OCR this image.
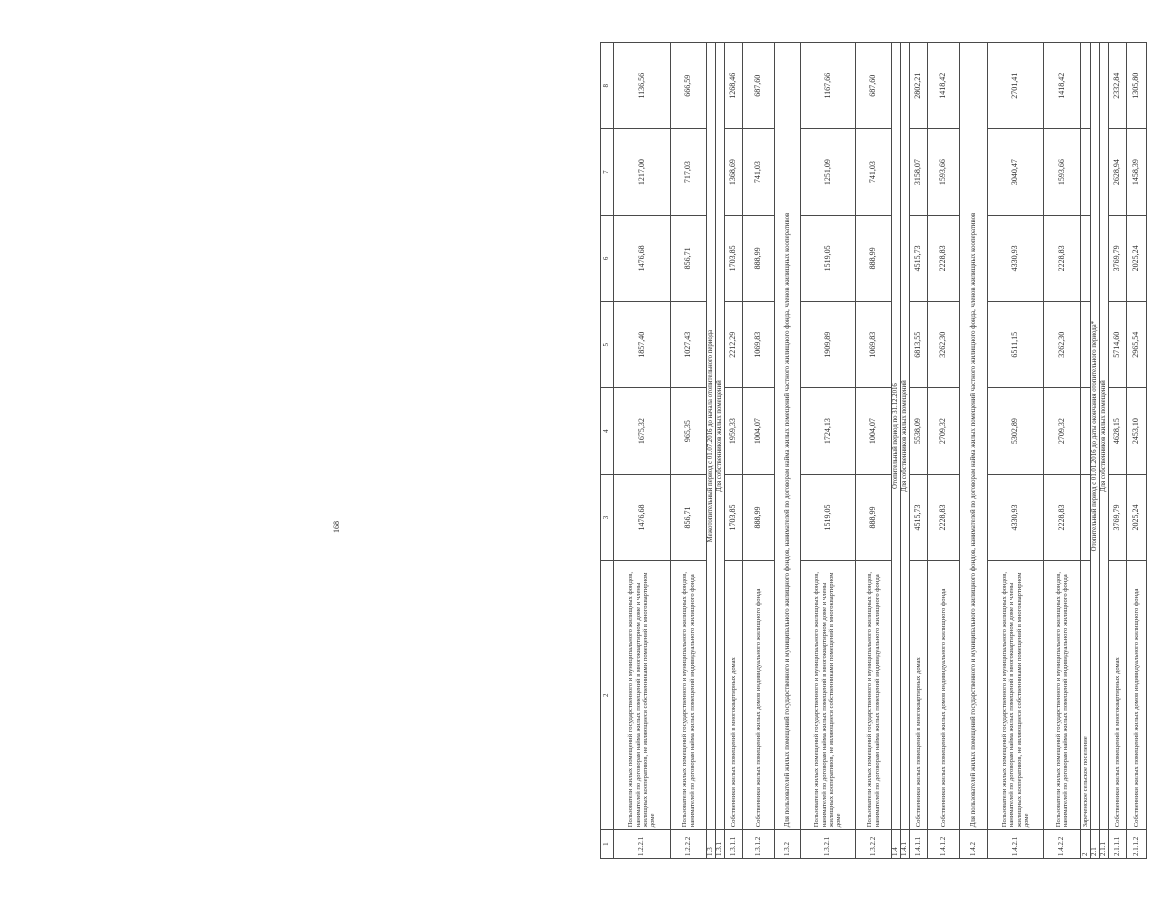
168
1	2	3	4	5	6	7	8
1.2.2.1	Пользователи жилых помещений государственного и муниципального жилищных фондов, нанимателей по договорам найма жилых помещений в многоквартирном доме и члены жилищных кооперативов, не являющиеся собственниками помещений в многоквартирном доме	1476,68	1675,32	1857,40	1476,68	1217,00	1136,56
1.2.2.2	Пользователи жилых помещений государственного и муниципального жилищных фондов, нанимателей по договорам найма жилых помещений индивидуального жилищного фонда	856,71	965,35	1027,43	856,71	717,03	666,59
1.3	Межотопительный период с 01.07.2016 до начала отопительного периода						
1.3.1	Для собственников жилых помещений						
1.3.1.1	Собственники жилых помещений в многоквартирных домах	1703,85	1959,33	2212,29	1703,85	1368,69	1268,46
1.3.1.2	Собственники жилых помещений жилых домов индивидуального жилищного фонда	888,99	1004,07	1069,83	888,99	741,03	687,60
1.3.2	Для пользователей жилых помещений государственного и муниципального жилищного фондов, нанимателей по договорам найма жилых помещений частного жилищного фонда, членов жилищных кооперативов						
1.3.2.1	Пользователи жилых помещений государственного и муниципального жилищных фондов, нанимателей по договорам найма жилых помещений в многоквартирном доме и члены жилищных кооперативов, не являющиеся собственниками помещений в многоквартирном доме	1519,05	1724,13	1909,89	1519,05	1251,09	1167,66
1.3.2.2	Пользователи жилых помещений государственного и муниципального жилищных фондов, нанимателей по договорам найма жилых помещений индивидуального жилищного фонда	888,99	1004,07	1069,83	888,99	741,03	687,60
1.4	Отопительный период по 31.12.2016						
1.4.1	Для собственников жилых помещений						
1.4.1.1	Собственники жилых помещений в многоквартирных домах	4515,73	5538,09	6813,55	4515,73	3158,07	2802,21
1.4.1.2	Собственники жилых помещений жилых домов индивидуального жилищного фонда	2228,83	2709,32	3262,30	2228,83	1593,66	1418,42
1.4.2	Для пользователей жилых помещений государственного и муниципального жилищного фондов, нанимателей по договорам найма жилых помещений частного жилищного фонда, членов жилищных кооперативов						
1.4.2.1	Пользователи жилых помещений государственного и муниципального жилищных фондов, нанимателей по договорам найма жилых помещений в многоквартирном доме и члены жилищных кооперативов, не являющиеся собственниками помещений в многоквартирном доме	4330,93	5302,89	6511,15	4330,93	3040,47	2701,41
1.4.2.2	Пользователи жилых помещений государственного и муниципального жилищных фондов, нанимателей по договорам найма жилых помещений индивидуального жилищного фонда	2228,83	2709,32	3262,30	2228,83	1593,66	1418,42
2	Зареченское сельское поселение						
2.1	Отопительный период с 01.01.2016 до даты окончания отопительного периода*						
2.1.1	Для собственников жилых помещений						
2.1.1.1	Собственники жилых помещений в многоквартирных домах	3769,79	4628,15	5714,60	3769,79	2628,94	2332,84
2.1.1.2	Собственники жилых помещений жилых домов индивидуального жилищного фонда	2025,24	2453,10	2965,54	2025,24	1458,39	1305,80
